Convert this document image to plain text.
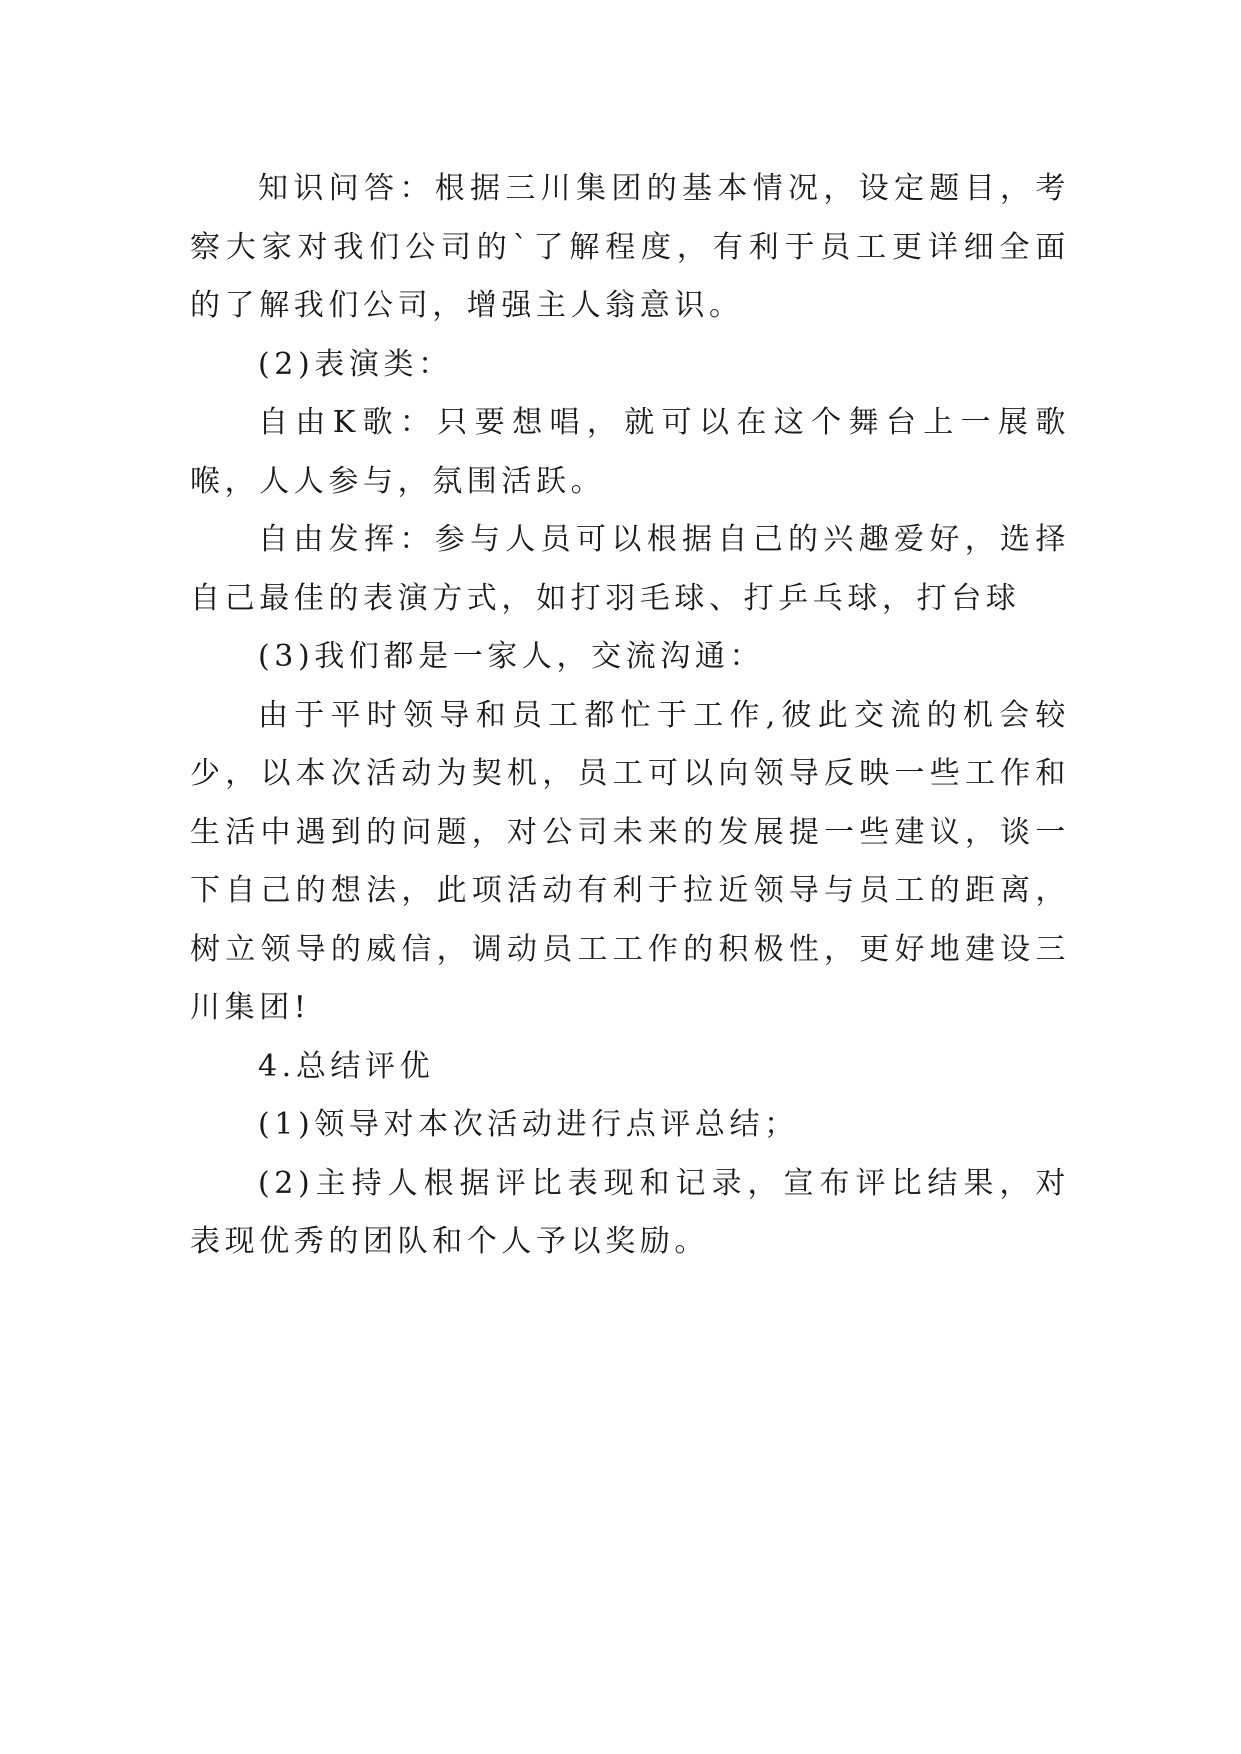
知识问答：根据三川集团的基本情况，设定题目，考察大家对我们公司的`了解程度，有利于员工更详细全面的了解我们公司，增强主人翁意识。

(2)表演类：

自由K歌：只要想唱，就可以在这个舞台上一展歌喉，人人参与，氛围活跃。

自由发挥：参与人员可以根据自己的兴趣爱好，选择自己最佳的表演方式，如打羽毛球、打乒乓球，打台球

(3)我们都是一家人，交流沟通：

由于平时领导和员工都忙于工作,彼此交流的机会较少，以本次活动为契机，员工可以向领导反映一些工作和生活中遇到的问题，对公司未来的发展提一些建议，谈一下自己的想法，此项活动有利于拉近领导与员工的距离，树立领导的威信，调动员工工作的积极性，更好地建设三川集团!

4.总结评优

(1)领导对本次活动进行点评总结；

(2)主持人根据评比表现和记录，宣布评比结果，对表现优秀的团队和个人予以奖励。
